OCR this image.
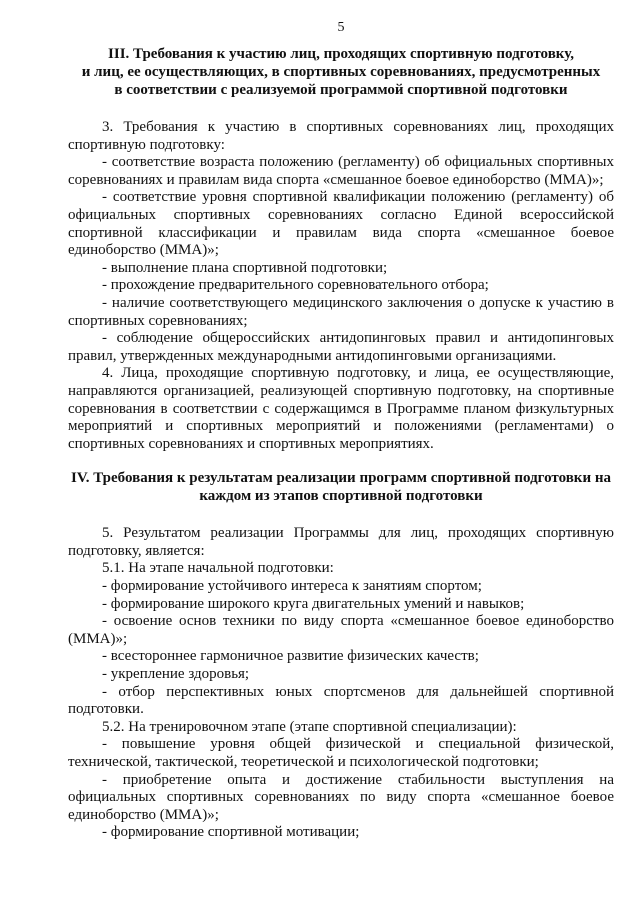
5
III. Требования к участию лиц, проходящих спортивную подготовку,
и лиц, ее осуществляющих, в спортивных соревнованиях, предусмотренных
в соответствии с реализуемой программой спортивной подготовки

3. Требования к участию в спортивных соревнованиях лиц, проходящих спортивную подготовку:

- соответствие возраста положению (регламенту) об официальных спортивных соревнованиях и правилам вида спорта «смешанное боевое единоборство (ММА)»;

- соответствие уровня спортивной квалификации положению (регламенту) об официальных спортивных соревнованиях согласно Единой всероссийской спортивной классификации и правилам вида спорта «смешанное боевое единоборство (ММА)»;

- выполнение плана спортивной подготовки;

- прохождение предварительного соревновательного отбора;

- наличие соответствующего медицинского заключения о допуске к участию в спортивных соревнованиях;

- соблюдение общероссийских антидопинговых правил и антидопинговых правил, утвержденных международными антидопинговыми организациями.

4. Лица, проходящие спортивную подготовку, и лица, ее осуществляющие, направляются организацией, реализующей спортивную подготовку, на спортивные соревнования в соответствии с содержащимся в Программе планом физкультурных мероприятий и спортивных мероприятий и положениями (регламентами) о спортивных соревнованиях и спортивных мероприятиях.

IV. Требования к результатам реализации программ спортивной подготовки на
каждом из этапов спортивной подготовки

5. Результатом реализации Программы для лиц, проходящих спортивную подготовку, является:

5.1. На этапе начальной подготовки:

- формирование устойчивого интереса к занятиям спортом;

- формирование широкого круга двигательных умений и навыков;

- освоение основ техники по виду спорта «смешанное боевое единоборство (ММА)»;

- всестороннее гармоничное развитие физических качеств;

- укрепление здоровья;

- отбор перспективных юных спортсменов для дальнейшей спортивной подготовки.

5.2. На тренировочном этапе (этапе спортивной специализации):

- повышение уровня общей физической и специальной физической, технической, тактической, теоретической и психологической подготовки;

- приобретение опыта и достижение стабильности выступления на официальных спортивных соревнованиях по виду спорта «смешанное боевое единоборство (ММА)»;

- формирование спортивной мотивации;
